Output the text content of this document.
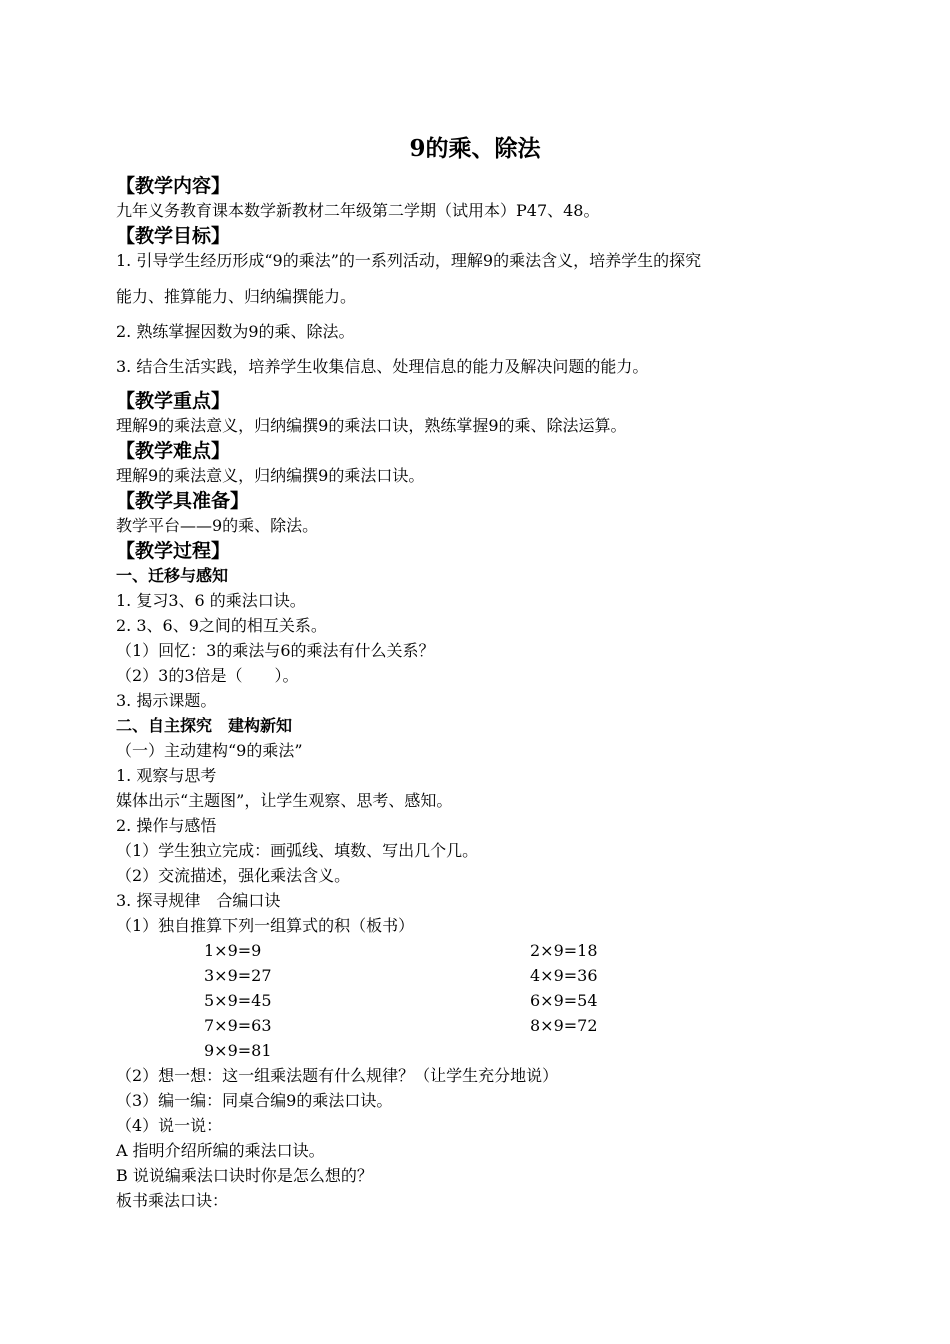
9的乘、除法
【教学内容】
九年义务教育课本数学新教材二年级第二学期（试用本）P47、48。
【教学目标】
1. 引导学生经历形成“9的乘法”的一系列活动，理解9的乘法含义，培养学生的探究
能力、推算能力、归纳编撰能力。
2. 熟练掌握因数为9的乘、除法。
3. 结合生活实践，培养学生收集信息、处理信息的能力及解决问题的能力。
【教学重点】
理解9的乘法意义，归纳编撰9的乘法口诀，熟练掌握9的乘、除法运算。
【教学难点】
理解9的乘法意义，归纳编撰9的乘法口诀。
【教学具准备】
教学平台——9的乘、除法。
【教学过程】
一、迁移与感知
1. 复习3、6 的乘法口诀。
2. 3、6、9之间的相互关系。
（1）回忆：3的乘法与6的乘法有什么关系？
（2）3的3倍是（　　）。
3. 揭示课题。
二、自主探究　建构新知
（一）主动建构“9的乘法”
1. 观察与思考
媒体出示“主题图”，让学生观察、思考、感知。
2. 操作与感悟
（1）学生独立完成：画弧线、填数、写出几个几。
（2）交流描述，强化乘法含义。
3. 探寻规律　合编口诀
（1）独自推算下列一组算式的积（板书）
1×9=9	2×9=18
3×9=27	4×9=36
5×9=45	6×9=54
7×9=63	8×9=72
9×9=81
（2）想一想：这一组乘法题有什么规律？（让学生充分地说）
（3）编一编：同桌合编9的乘法口诀。
（4）说一说：
A 指明介绍所编的乘法口诀。
B 说说编乘法口诀时你是怎么想的？
板书乘法口诀：
